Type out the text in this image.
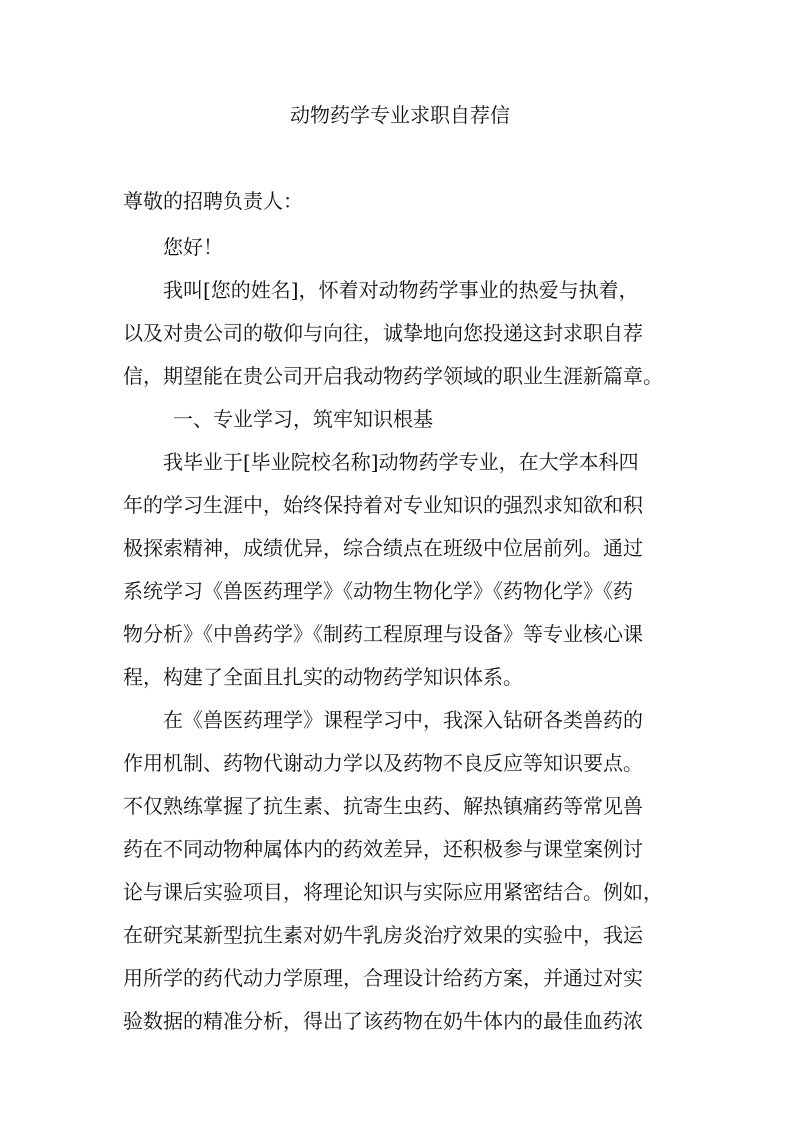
动物药学专业求职自荐信
尊敬的招聘负责人：
您好！
我叫[您的姓名]，怀着对动物药学事业的热爱与执着，
以及对贵公司的敬仰与向往，诚挚地向您投递这封求职自荐
信，期望能在贵公司开启我动物药学领域的职业生涯新篇章。
一、专业学习，筑牢知识根基
我毕业于[毕业院校名称]动物药学专业，在大学本科四
年的学习生涯中，始终保持着对专业知识的强烈求知欲和积
极探索精神，成绩优异，综合绩点在班级中位居前列。通过
系统学习《兽医药理学》《动物生物化学》《药物化学》《药
物分析》《中兽药学》《制药工程原理与设备》等专业核心课
程，构建了全面且扎实的动物药学知识体系。
在《兽医药理学》课程学习中，我深入钻研各类兽药的
作用机制、药物代谢动力学以及药物不良反应等知识要点。
不仅熟练掌握了抗生素、抗寄生虫药、解热镇痛药等常见兽
药在不同动物种属体内的药效差异，还积极参与课堂案例讨
论与课后实验项目，将理论知识与实际应用紧密结合。例如，
在研究某新型抗生素对奶牛乳房炎治疗效果的实验中，我运
用所学的药代动力学原理，合理设计给药方案，并通过对实
验数据的精准分析，得出了该药物在奶牛体内的最佳血药浓
